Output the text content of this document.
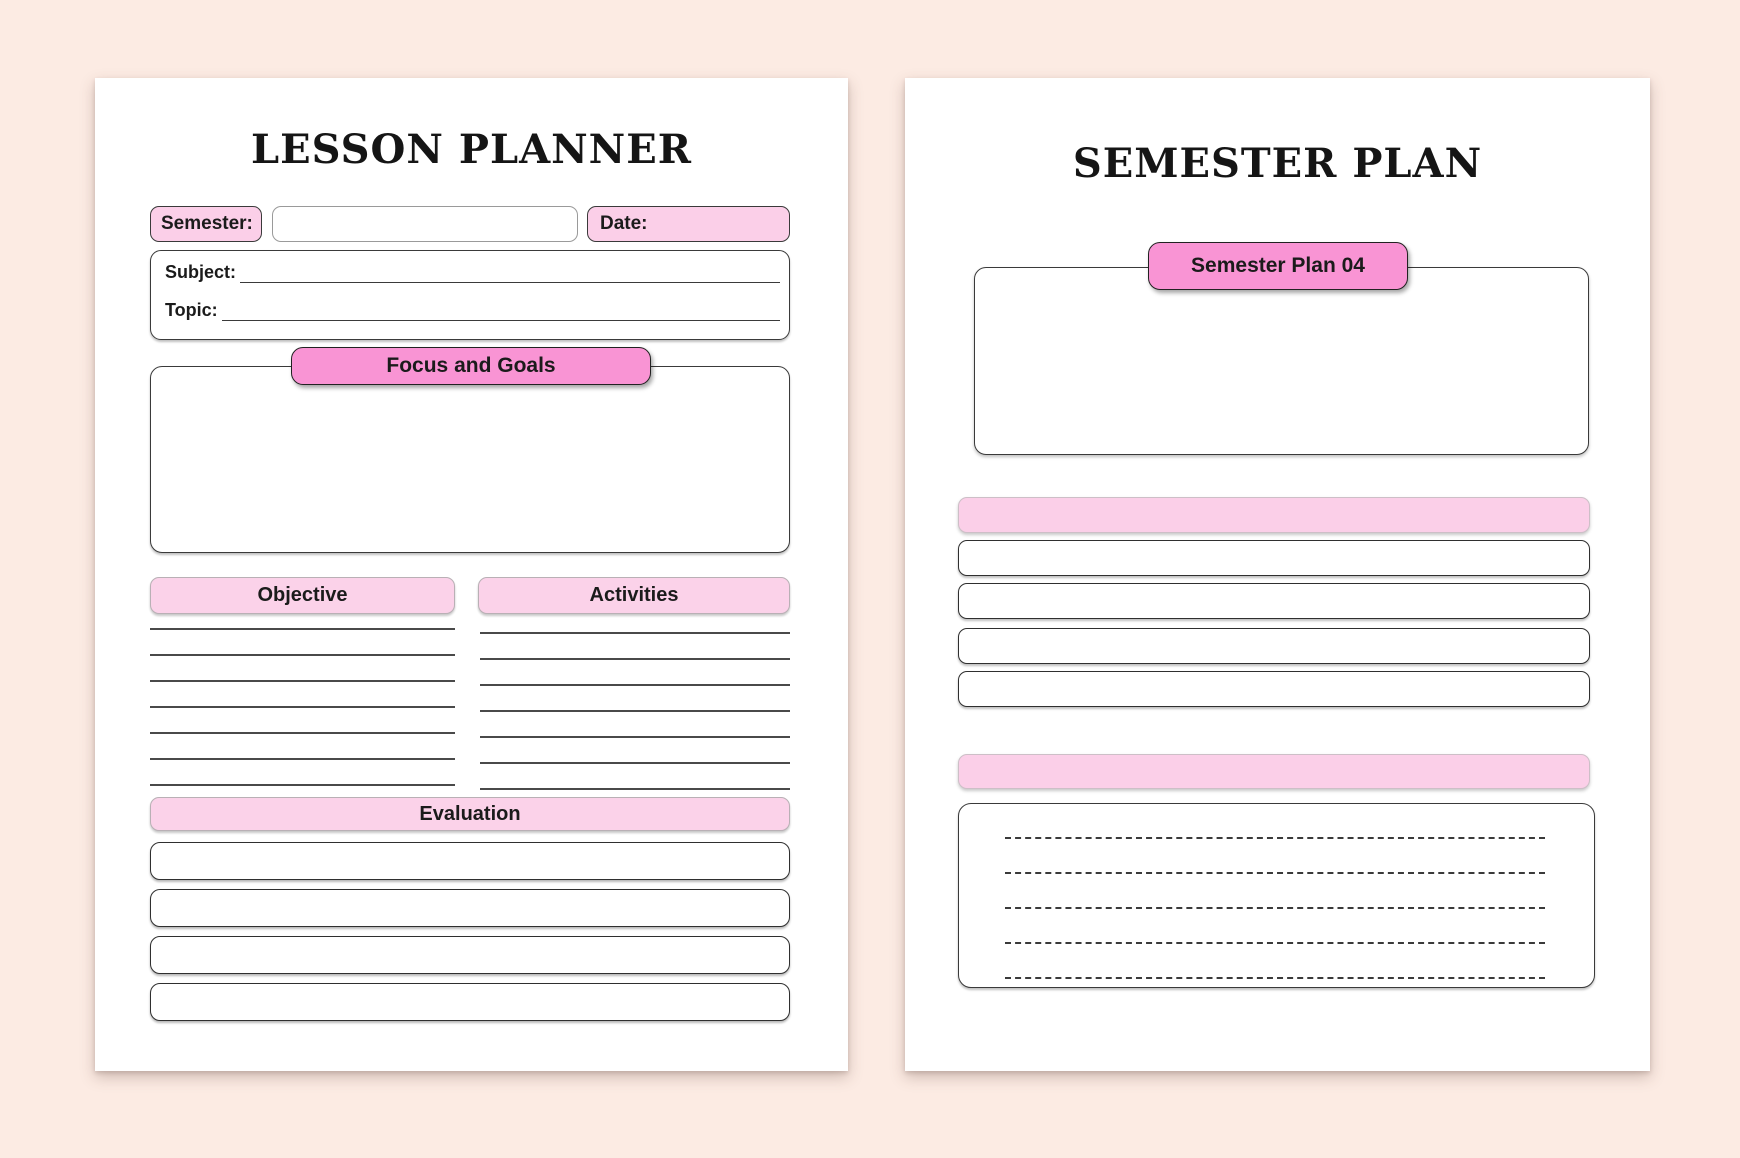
LESSON PLANNER
Semester:	Date:
Subject:
Topic:
Focus and Goals
Objective	Activities
Evaluation
SEMESTER PLAN
Semester Plan 04
